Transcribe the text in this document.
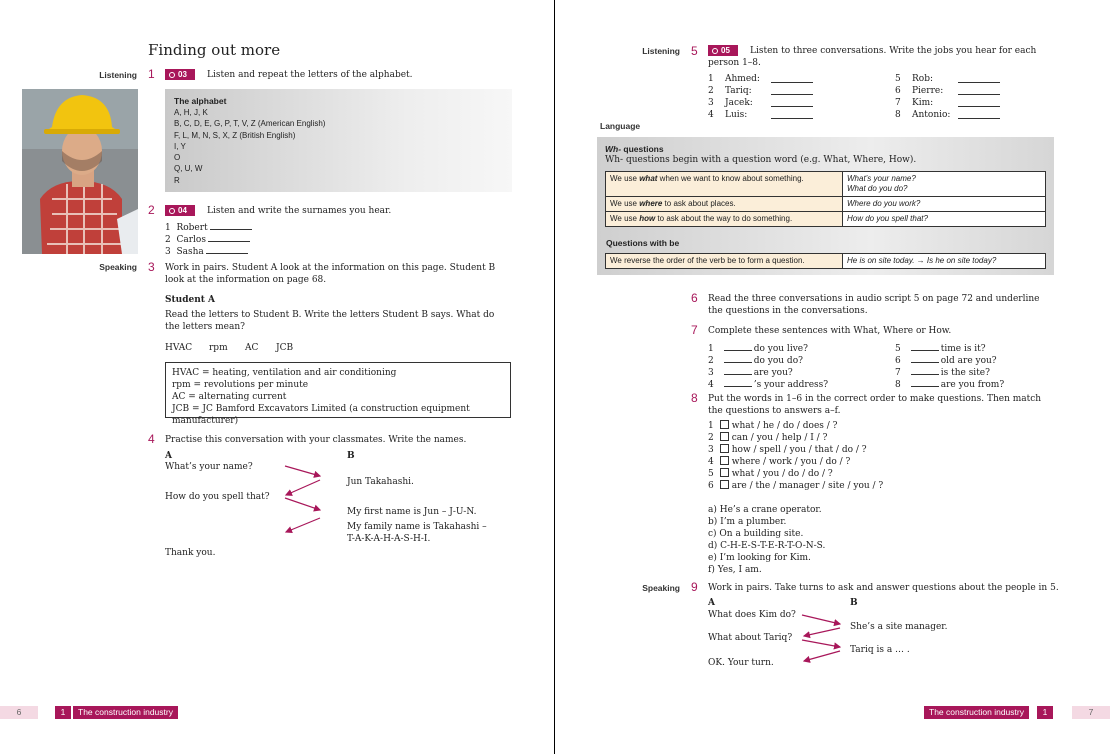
Finding out more
Listening 1	03 Listen and repeat the letters of the alphabet.
The alphabet
A, H, J, K
B, C, D, E, G, P, T, V, Z (American English)
F, L, M, N, S, X, Z (British English)
I, Y
O
Q, U, W
R
2	04 Listen and write the surnames you hear.
1 Robert
2 Carlos
3 Sasha
Speaking 3 Work in pairs. Student A look at the information on this page. Student B look at the information on page 68.
Student A
Read the letters to Student B. Write the letters Student B says. What do the letters mean?
HVAC rpm AC JCB
HVAC = heating, ventilation and air conditioning
rpm = revolutions per minute
AC = alternating current
JCB = JC Bamford Excavators Limited (a construction equipment manufacturer)
4 Practise this conversation with your classmates. Write the names.
A	B
What’s your name?
Jun Takahashi.
How do you spell that?
My first name is Jun – J-U-N.
My family name is Takahashi –
T-A-K-A-H-A-S-H-I.
Thank you.
6	1	The construction industry
Listening 5	05	Listen to three conversations. Write the jobs you hear for each person 1–8.
1 Ahmed:
2 Tariq:
3 Jacek:
4 Luis:
5 Rob:
6 Pierre:
7 Kim:
8 Antonio:
Language
Wh- questions
Wh- questions begin with a question word (e.g. What, Where, How).
We use what when we want to know about something.	What’s your name?
What do you do?
We use where to ask about places.	Where do you work?
We use how to ask about the way to do something.	How do you spell that?
Questions with be
We reverse the order of the verb be to form a question.	He is on site today. → Is he on site today?
6 Read the three conversations in audio script 5 on page 72 and underline the questions in the conversations.
7 Complete these sentences with What, Where or How.
1	do you live?
2	do you do?
3	are you?
4	’s your address?
5	time is it?
6	old are you?
7	is the site?
8	are you from?
8 Put the words in 1–6 in the correct order to make questions. Then match the questions to answers a–f.
1 what / he / do / does / ?
2 can / you / help / I / ?
3 how / spell / you / that / do / ?
4 where / work / you / do / ?
5 what / you / do / do / ?
6 are / the / manager / site / you / ?
a) He’s a crane operator.
b) I’m a plumber.
c) On a building site.
d) C-H-E-S-T-E-R-T-O-N-S.
e) I’m looking for Kim.
f) Yes, I am.
Speaking 9 Work in pairs. Take turns to ask and answer questions about the people in 5.
A	B
What does Kim do?
She’s a site manager.
What about Tariq?
Tariq is a … .
OK. Your turn.
The construction industry	1	7
